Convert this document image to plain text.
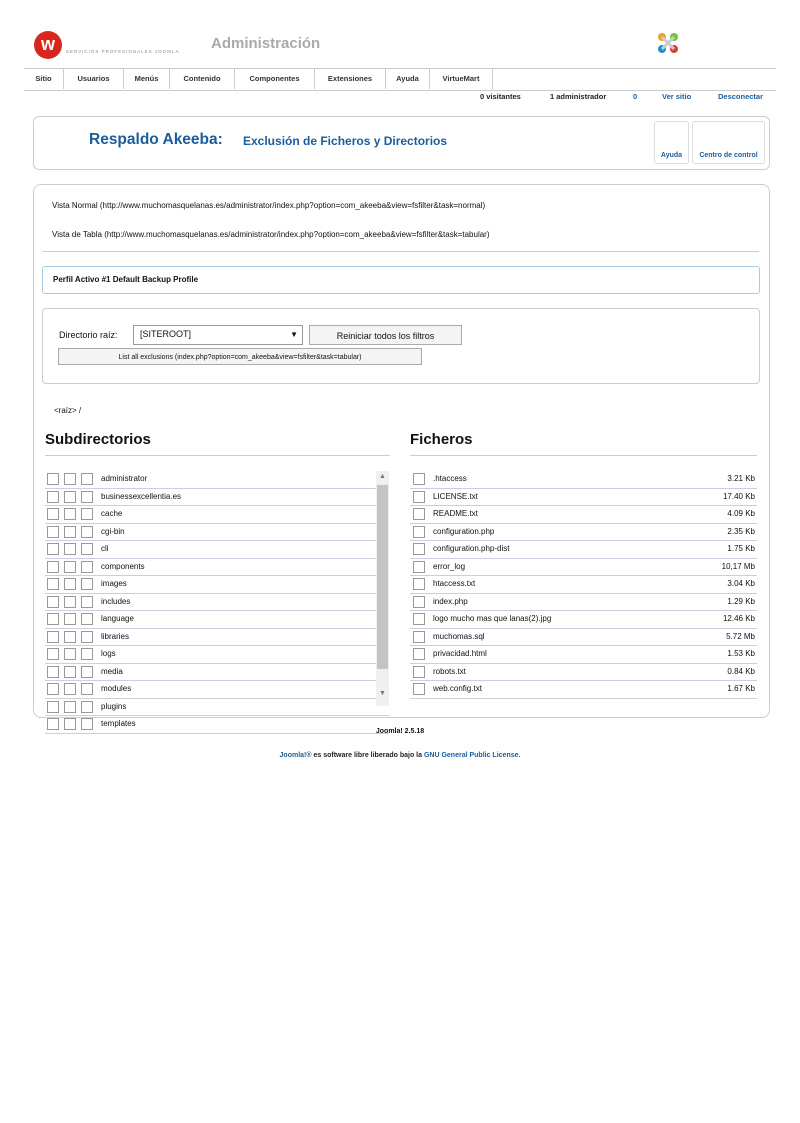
w	SERVICIOS PROFESIONALES JOOMLA Administración
Sitio	Usuarios	Menús	Contenido	Componentes	Extensiones	Ayuda	VirtueMart
0 visitantes	1 administrador	0	Ver sitio	Desconectar
Respaldo Akeeba: Exclusión de Ficheros y Directorios
Ayuda	Centro de control
Vista Normal (http://www.muchomasquelanas.es/administrator/index.php?option=com_akeeba&view=fsfilter&task=normal)
Vista de Tabla (http://www.muchomasquelanas.es/administrator/index.php?option=com_akeeba&view=fsfilter&task=tabular)
Perfil Activo #1 Default Backup Profile
Directorio raíz:	[SITEROOT]	▼	Reiniciar todos los filtros
List all exclusions (index.php?option=com_akeeba&view=fsfilter&task=tabular)
<raíz> /
Subdirectorios	Ficheros
administrator
businessexcellentia.es
cache
cgi-bin
cli
components
images
includes
language
libraries
logs
media
modules
plugins
templates
▲
▼
.htaccess	3.21 Kb
LICENSE.txt	17.40 Kb
README.txt	4.09 Kb
configuration.php	2.35 Kb
configuration.php-dist	1.75 Kb
error_log	10,17 Mb
htaccess.txt	3.04 Kb
index.php	1.29 Kb
logo mucho mas que lanas(2).jpg	12.46 Kb
muchomas.sql	5.72 Mb
privacidad.html	1.53 Kb
robots.txt	0.84 Kb
web.config.txt	1.67 Kb
Joomla! 2.5.18
Joomla!® es software libre liberado bajo la GNU General Public License.
